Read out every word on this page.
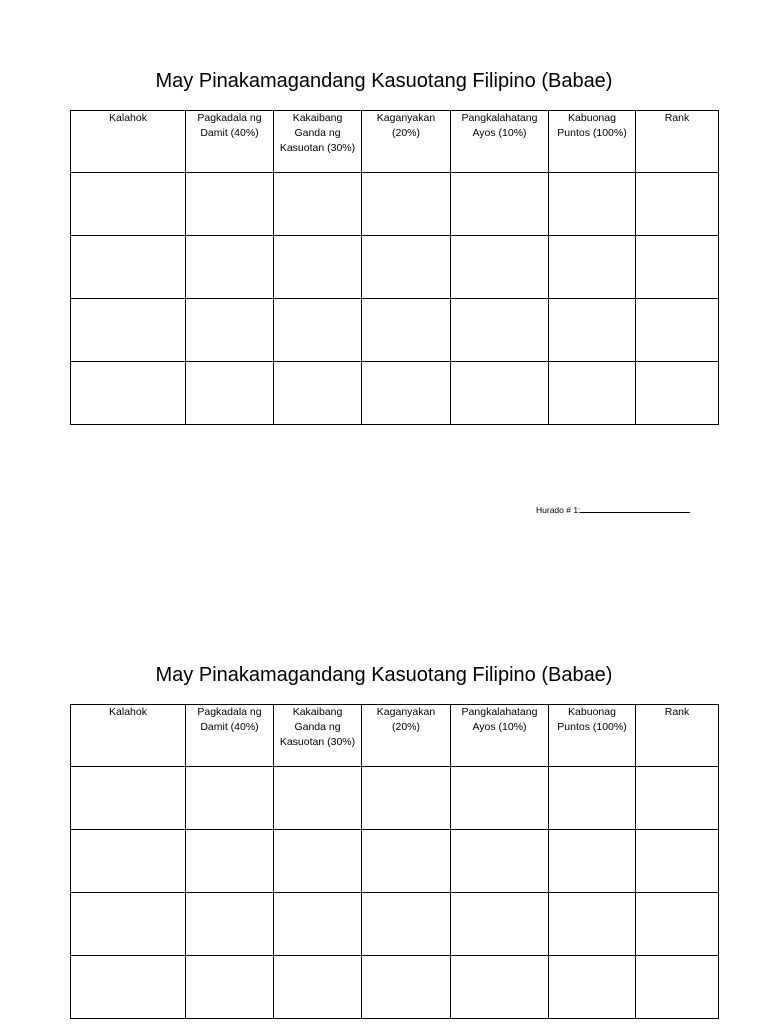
May Pinakamagandang Kasuotang Filipino (Babae)
Kalahok	Pagkadala ng Damit (40%)	Kakaibang Ganda ng Kasuotan (30%)	Kaganyakan (20%)	Pangkalahatang Ayos (10%)	Kabuonag Puntos (100%)	Rank

Hurado # 1:
May Pinakamagandang Kasuotang Filipino (Babae)
Kalahok	Pagkadala ng Damit (40%)	Kakaibang Ganda ng Kasuotan (30%)	Kaganyakan (20%)	Pangkalahatang Ayos (10%)	Kabuonag Puntos (100%)	Rank
